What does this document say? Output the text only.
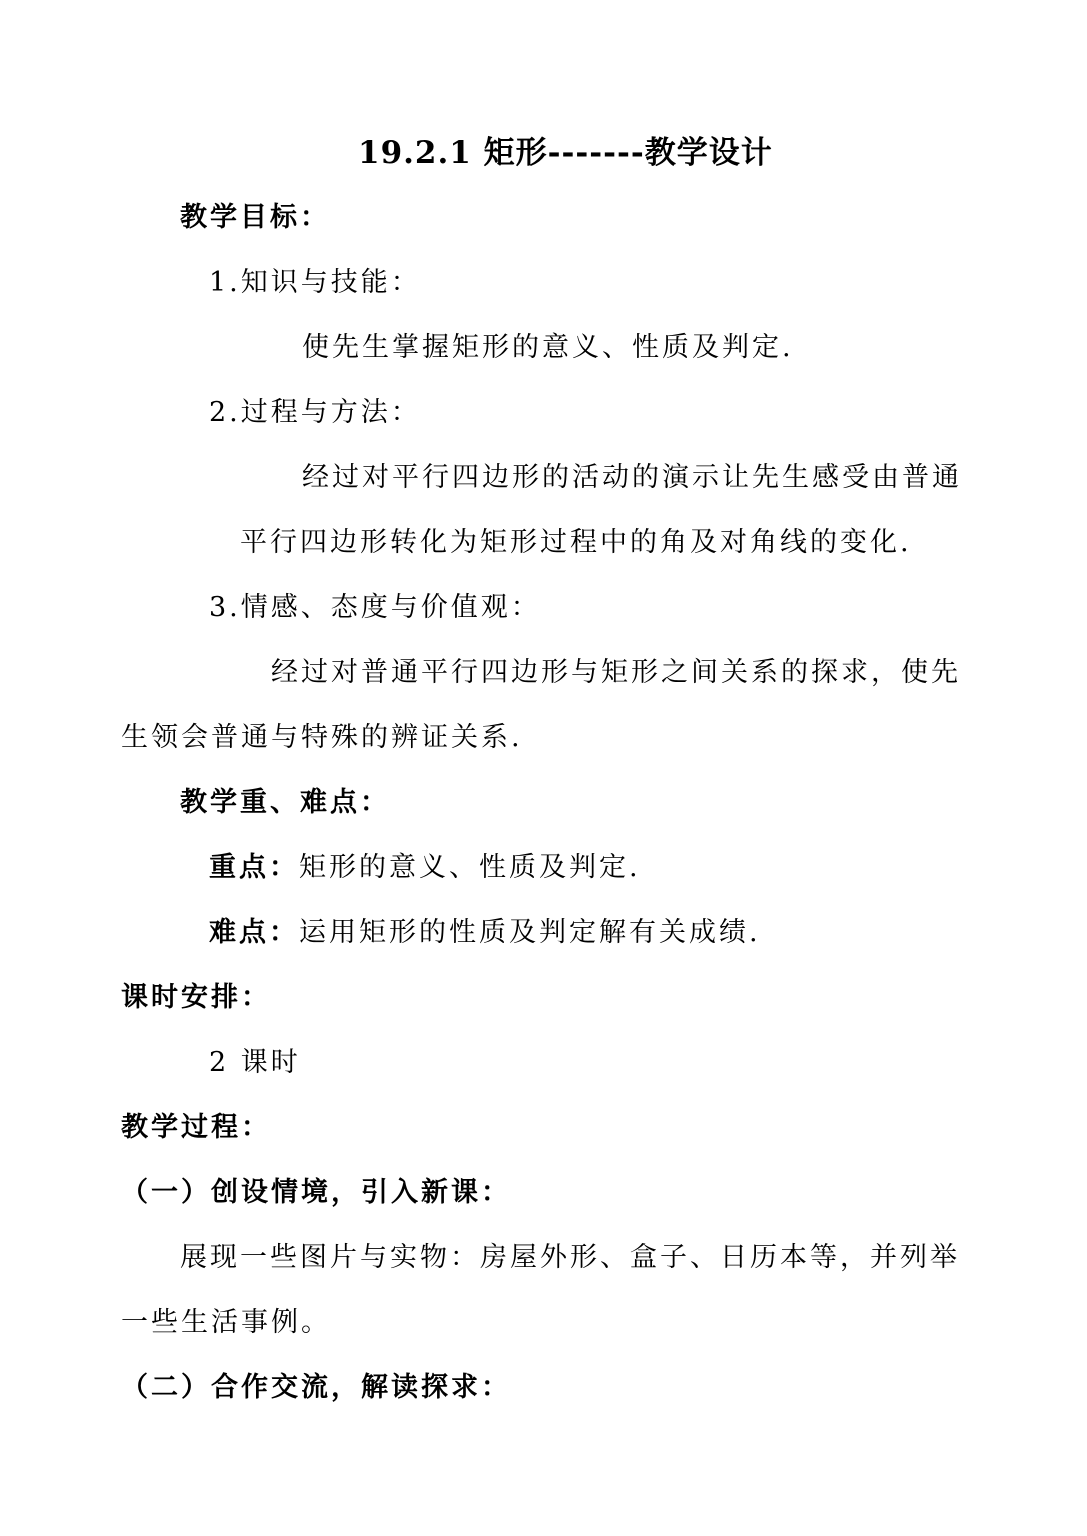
19.2.1 矩形-------教学设计
教学目标：
1.知识与技能：
使先生掌握矩形的意义、性质及判定.
2.过程与方法：
经过对平行四边形的活动的演示让先生感受由普通
平行四边形转化为矩形过程中的角及对角线的变化.
3.情感、态度与价值观：
经过对普通平行四边形与矩形之间关系的探求，使先
生领会普通与特殊的辨证关系.
教学重、难点：
重点：矩形的意义、性质及判定.
难点：运用矩形的性质及判定解有关成绩.
课时安排：
2 课时
教学过程：
（一）创设情境，引入新课：
展现一些图片与实物：房屋外形、盒子、日历本等，并列举
一些生活事例。
（二）合作交流，解读探求：
